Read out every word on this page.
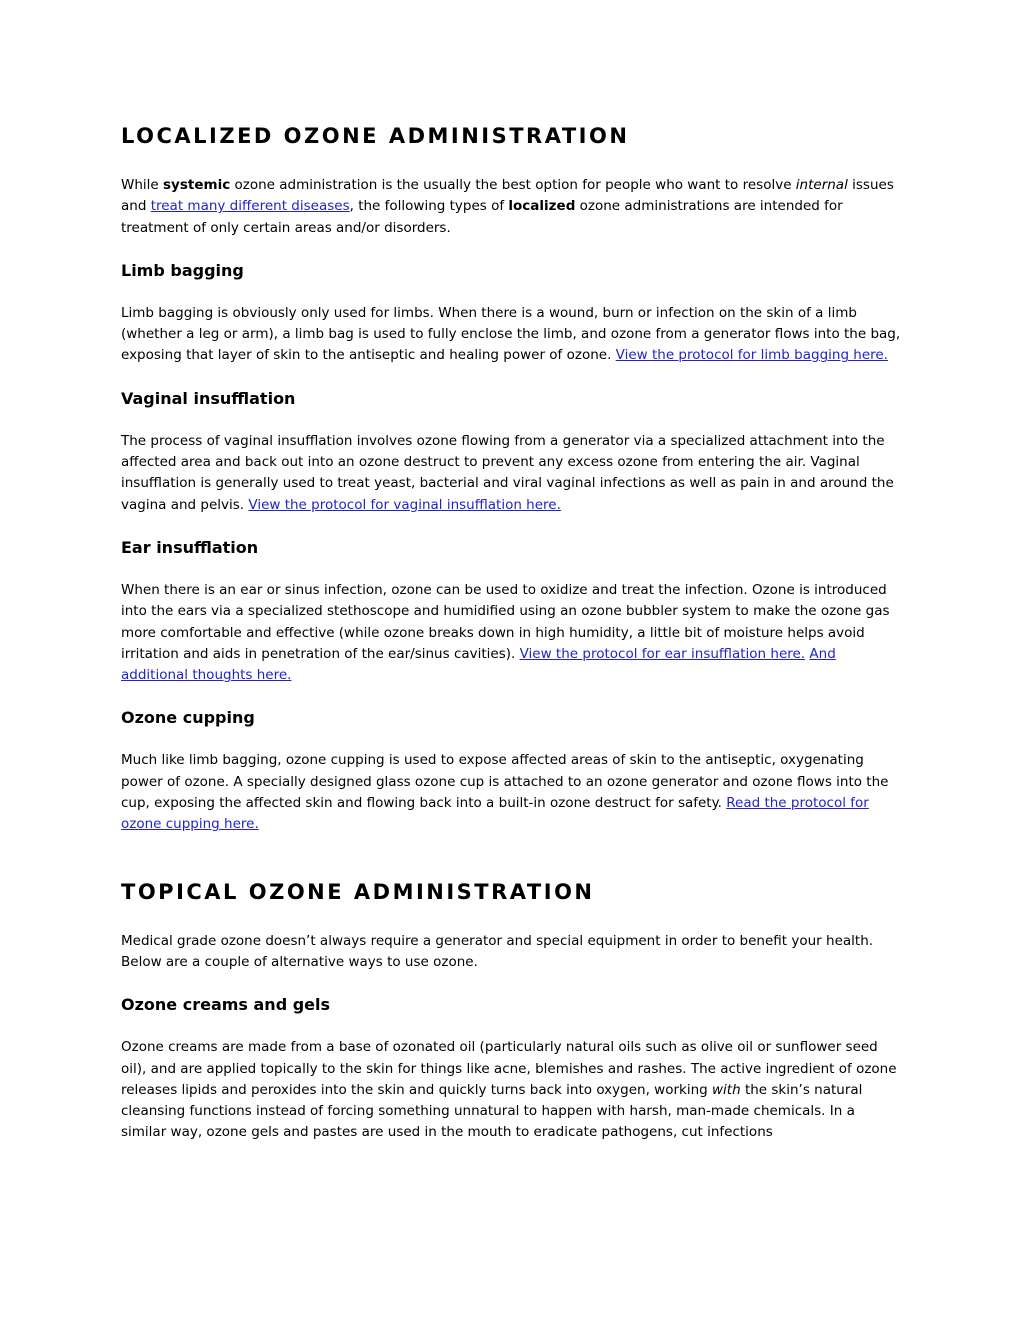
LOCALIZED OZONE ADMINISTRATION

While systemic ozone administration is the usually the best option for people who want to resolve internal issues and treat many different diseases, the following types of localized ozone administrations are intended for treatment of only certain areas and/or disorders.

Limb bagging

Limb bagging is obviously only used for limbs. When there is a wound, burn or infection on the skin of a limb (whether a leg or arm), a limb bag is used to fully enclose the limb, and ozone from a generator flows into the bag, exposing that layer of skin to the antiseptic and healing power of ozone. View the protocol for limb bagging here.

Vaginal insufflation

The process of vaginal insufflation involves ozone flowing from a generator via a specialized attachment into the affected area and back out into an ozone destruct to prevent any excess ozone from entering the air. Vaginal insufflation is generally used to treat yeast, bacterial and viral vaginal infections as well as pain in and around the vagina and pelvis. View the protocol for vaginal insufflation here.

Ear insufflation

When there is an ear or sinus infection, ozone can be used to oxidize and treat the infection. Ozone is introduced into the ears via a specialized stethoscope and humidified using an ozone bubbler system to make the ozone gas more comfortable and effective (while ozone breaks down in high humidity, a little bit of moisture helps avoid irritation and aids in penetration of the ear/sinus cavities). View the protocol for ear insufflation here. And additional thoughts here.

Ozone cupping

Much like limb bagging, ozone cupping is used to expose affected areas of skin to the antiseptic, oxygenating power of ozone. A specially designed glass ozone cup is attached to an ozone generator and ozone flows into the cup, exposing the affected skin and flowing back into a built-in ozone destruct for safety. Read the protocol for ozone cupping here.

TOPICAL OZONE ADMINISTRATION

Medical grade ozone doesn’t always require a generator and special equipment in order to benefit your health. Below are a couple of alternative ways to use ozone.

Ozone creams and gels

Ozone creams are made from a base of ozonated oil (particularly natural oils such as olive oil or sunflower seed oil), and are applied topically to the skin for things like acne, blemishes and rashes. The active ingredient of ozone releases lipids and peroxides into the skin and quickly turns back into oxygen, working with the skin’s natural cleansing functions instead of forcing something unnatural to happen with harsh, man-made chemicals. In a similar way, ozone gels and pastes are used in the mouth to eradicate pathogens, cut infections
